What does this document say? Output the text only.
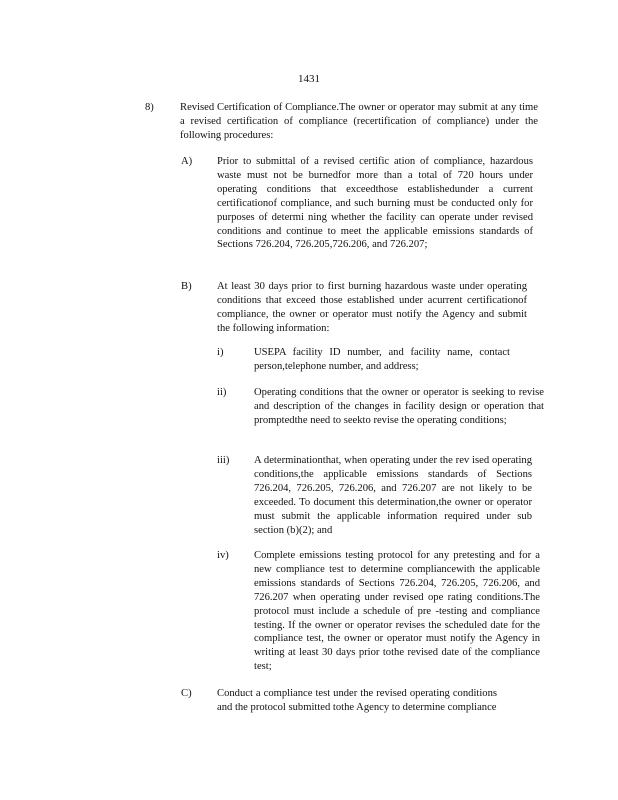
1431
8) Revised Certification of Compliance.The owner or operator may submit at any time a revised certification of compliance (recertification of compliance) under the following procedures:
A) Prior to submittal of a revised certific ation of compliance, hazardous waste must not be burnedfor more than a total of 720 hours under operating conditions that exceedthose establishedunder a current certificationof compliance, and such burning must be conducted only for purposes of determi ning whether the facility can operate under revised conditions and continue to meet the applicable emissions standards of Sections 726.204, 726.205,726.206, and 726.207;
B) At least 30 days prior to first burning hazardous waste under operating conditions that exceed those established under acurrent certificationof compliance, the owner or operator must notify the Agency and submit the following information:
i)	USEPA facility ID number, and facility name, contact person,telephone number, and address;
ii)	Operating conditions that the owner or operator is seeking to revise and description of the changes in facility design or operation that promptedthe need to seekto revise the operating conditions;
iii) A determinationthat, when operating under the rev ised operating conditions,the applicable emissions standards of Sections 726.204, 726.205, 726.206, and 726.207 are not likely to be exceeded. To document this determination,the owner or operator must submit the applicable information required under sub section (b)(2); and
iv) Complete emissions testing protocol for any pretesting and for a new compliance test to determine compliancewith the applicable emissions standards of Sections 726.204, 726.205, 726.206, and 726.207 when operating under revised ope rating conditions.The protocol must include a schedule of pre -testing and compliance testing. If the owner or operator revises the scheduled date for the compliance test, the owner or operator must notify the Agency in writing at least 30 days prior tothe revised date of the compliance test;
C) Conduct a compliance test under the revised operating conditions and the protocol submitted tothe Agency to determine compliance
